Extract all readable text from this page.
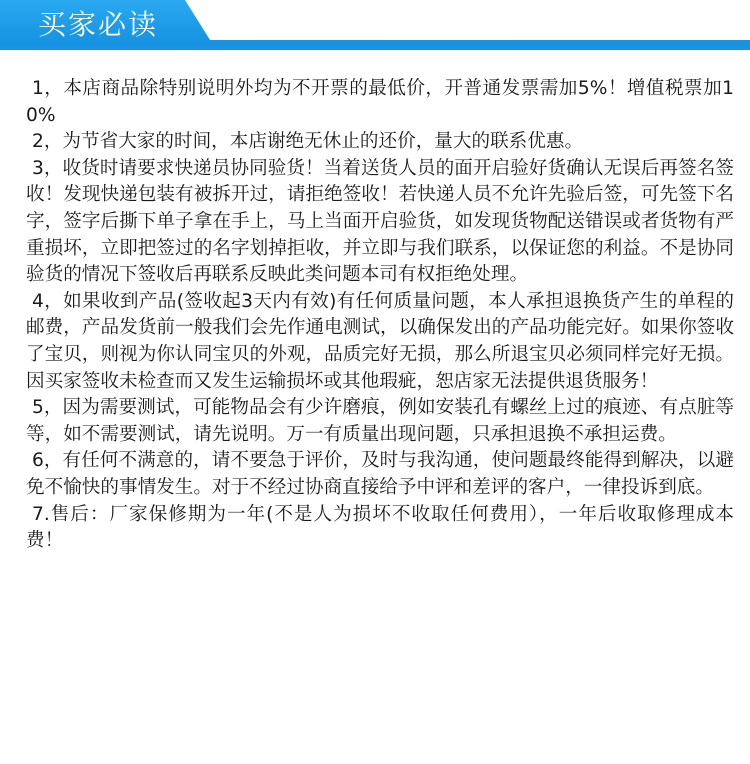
买家必读

1，本店商品除特别说明外均为不开票的最低价，开普通发票需加5%！增值税票加10%

2，为节省大家的时间，本店谢绝无休止的还价，量大的联系优惠。

3，收货时请要求快递员协同验货！当着送货人员的面开启验好货确认无误后再签名签收！发现快递包装有被拆开过，请拒绝签收！若快递人员不允许先验后签，可先签下名字，签字后撕下单子拿在手上，马上当面开启验货，如发现货物配送错误或者货物有严重损坏，立即把签过的名字划掉拒收，并立即与我们联系，以保证您的利益。不是协同验货的情况下签收后再联系反映此类问题本司有权拒绝处理。

4，如果收到产品(签收起3天内有效)有任何质量问题，本人承担退换货产生的单程的邮费，产品发货前一般我们会先作通电测试，以确保发出的产品功能完好。如果你签收了宝贝，则视为你认同宝贝的外观，品质完好无损，那么所退宝贝必须同样完好无损。因买家签收未检查而又发生运输损坏或其他瑕疵，恕店家无法提供退货服务！

5，因为需要测试，可能物品会有少许磨痕，例如安装孔有螺丝上过的痕迹、有点脏等等，如不需要测试，请先说明。万一有质量出现问题，只承担退换不承担运费。

6，有任何不满意的，请不要急于评价，及时与我沟通，使问题最终能得到解决，以避免不愉快的事情发生。对于不经过协商直接给予中评和差评的客户，一律投诉到底。

7.售后：厂家保修期为一年(不是人为损坏不收取任何费用），一年后收取修理成本费！
